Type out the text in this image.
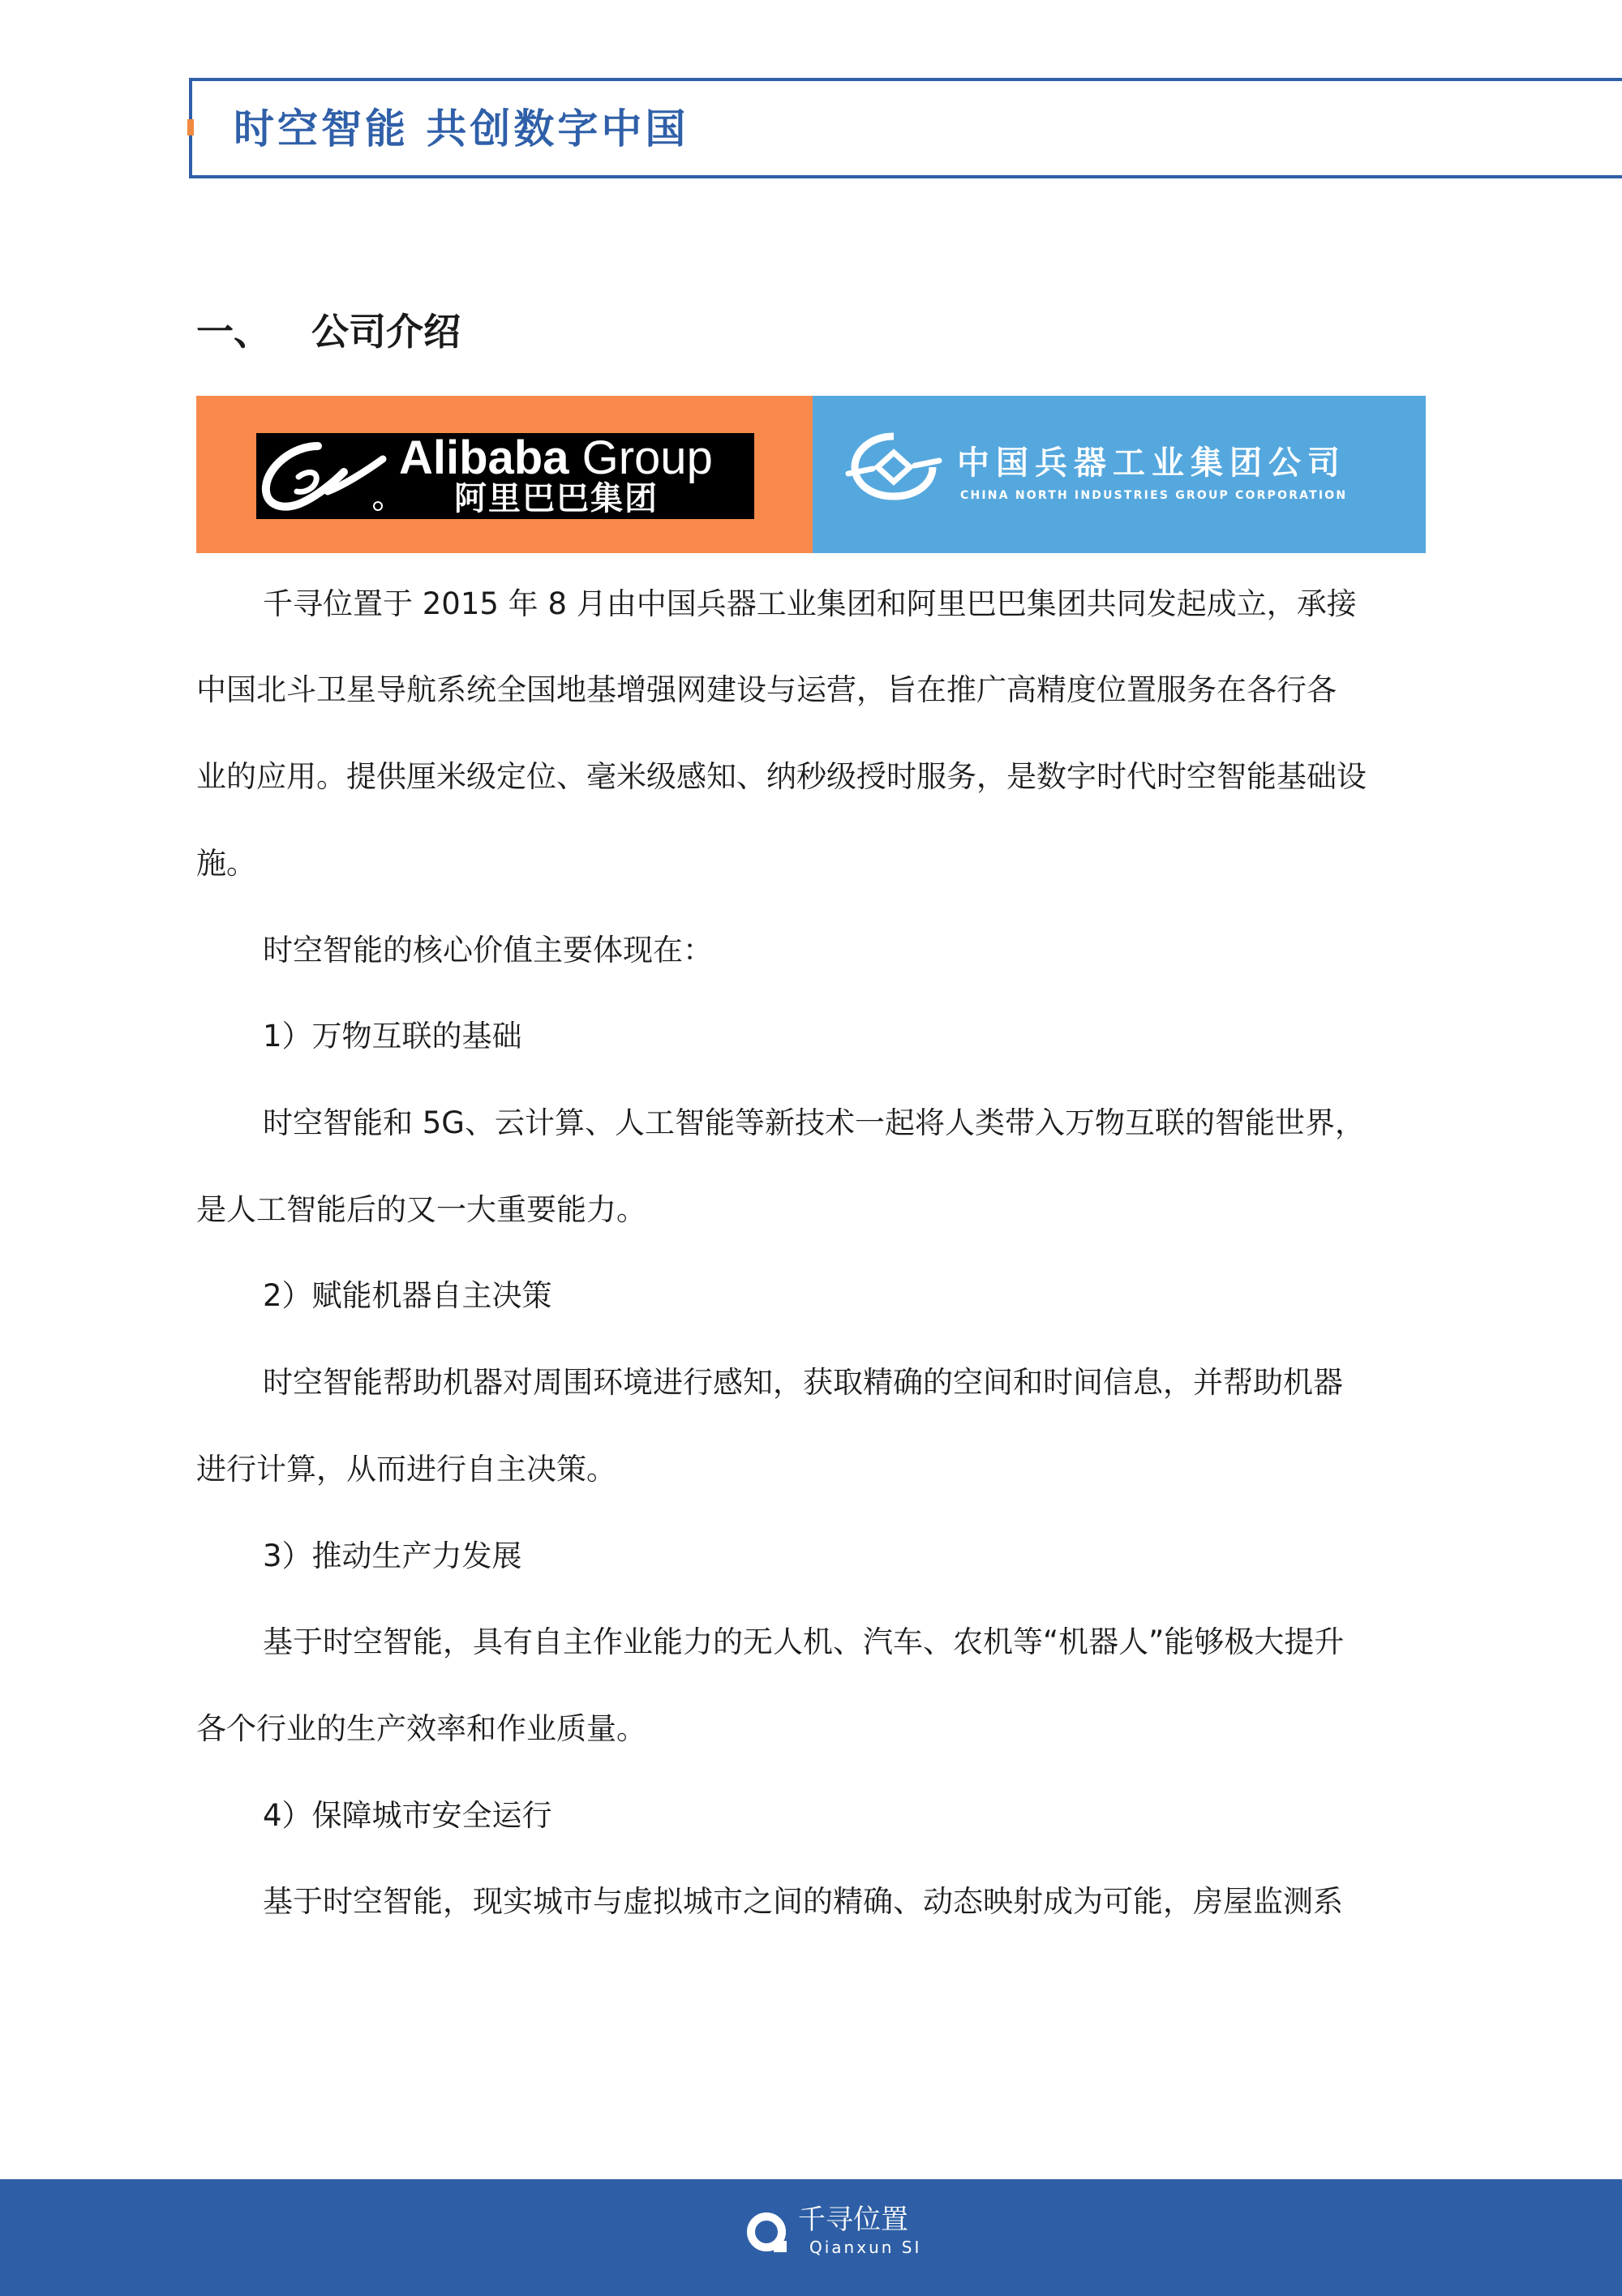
时空智能 共创数字中国
一、 公司介绍
Alibaba Group
阿里巴巴集团
中国兵器工业集团公司
CHINA NORTH INDUSTRIES GROUP CORPORATION

千寻位置于 2015 年 8 月由中国兵器工业集团和阿里巴巴集团共同发起成立，承接

中国北斗卫星导航系统全国地基增强网建设与运营，旨在推广高精度位置服务在各行各

业的应用。提供厘米级定位、毫米级感知、纳秒级授时服务，是数字时代时空智能基础设

施。

时空智能的核心价值主要体现在：

1）万物互联的基础

时空智能和 5G、云计算、人工智能等新技术一起将人类带入万物互联的智能世界，

是人工智能后的又一大重要能力。

2）赋能机器自主决策

时空智能帮助机器对周围环境进行感知，获取精确的空间和时间信息，并帮助机器

进行计算，从而进行自主决策。

3）推动生产力发展

基于时空智能，具有自主作业能力的无人机、汽车、农机等“机器人”能够极大提升

各个行业的生产效率和作业质量。

4）保障城市安全运行

基于时空智能，现实城市与虚拟城市之间的精确、动态映射成为可能，房屋监测系

千寻位置
Qianxun SI
